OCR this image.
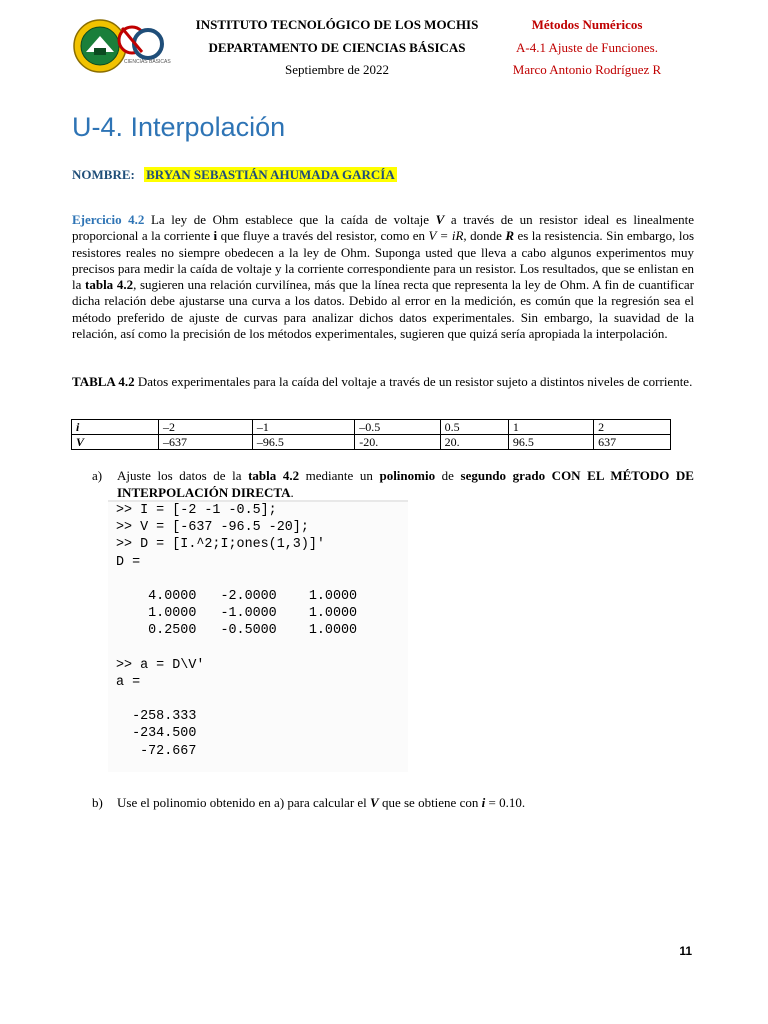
CIENCIAS BÁSICAS
INSTITUTO TECNOLÓGICO DE LOS MOCHIS
DEPARTAMENTO DE CIENCIAS BÁSICAS
Septiembre de 2022
Métodos Numéricos
A-4.1 Ajuste de Funciones.
Marco Antonio Rodríguez R
U-4. Interpolación
NOMBRE: BRYAN SEBASTIÁN AHUMADA GARCÍA
Ejercicio 4.2 La ley de Ohm establece que la caída de voltaje V a través de un resistor ideal es linealmente proporcional a la corriente i que fluye a través del resistor, como en V = iR, donde R es la resistencia. Sin embargo, los resistores reales no siempre obedecen a la ley de Ohm. Suponga usted que lleva a cabo algunos experimentos muy precisos para medir la caída de voltaje y la corriente correspondiente para un resistor. Los resultados, que se enlistan en la tabla 4.2, sugieren una relación curvilínea, más que la línea recta que representa la ley de Ohm. A fin de cuantificar dicha relación debe ajustarse una curva a los datos. Debido al error en la medición, es común que la regresión sea el método preferido de ajuste de curvas para analizar dichos datos experimentales. Sin embargo, la suavidad de la relación, así como la precisión de los métodos experimentales, sugieren que quizá sería apropiada la interpolación.
TABLA 4.2 Datos experimentales para la caída del voltaje a través de un resistor sujeto a distintos niveles de corriente.
i	–2	–1	–0.5	0.5	1	2
V	–637	–96.5	-20.	20.	96.5	637
a) Ajuste los datos de la tabla 4.2 mediante un polinomio de segundo grado CON EL MÉTODO DE INTERPOLACIÓN DIRECTA.
>> I = [-2 -1 -0.5];
>> V = [-637 -96.5 -20];
>> D = [I.^2;I;ones(1,3)]'
D =
4.0000   -2.0000    1.0000
1.0000   -1.0000    1.0000
0.2500   -0.5000    1.0000
>> a = D\V'
a =
-258.333
-234.500
-72.667
b) Use el polinomio obtenido en a) para calcular el V que se obtiene con i = 0.10.
11
